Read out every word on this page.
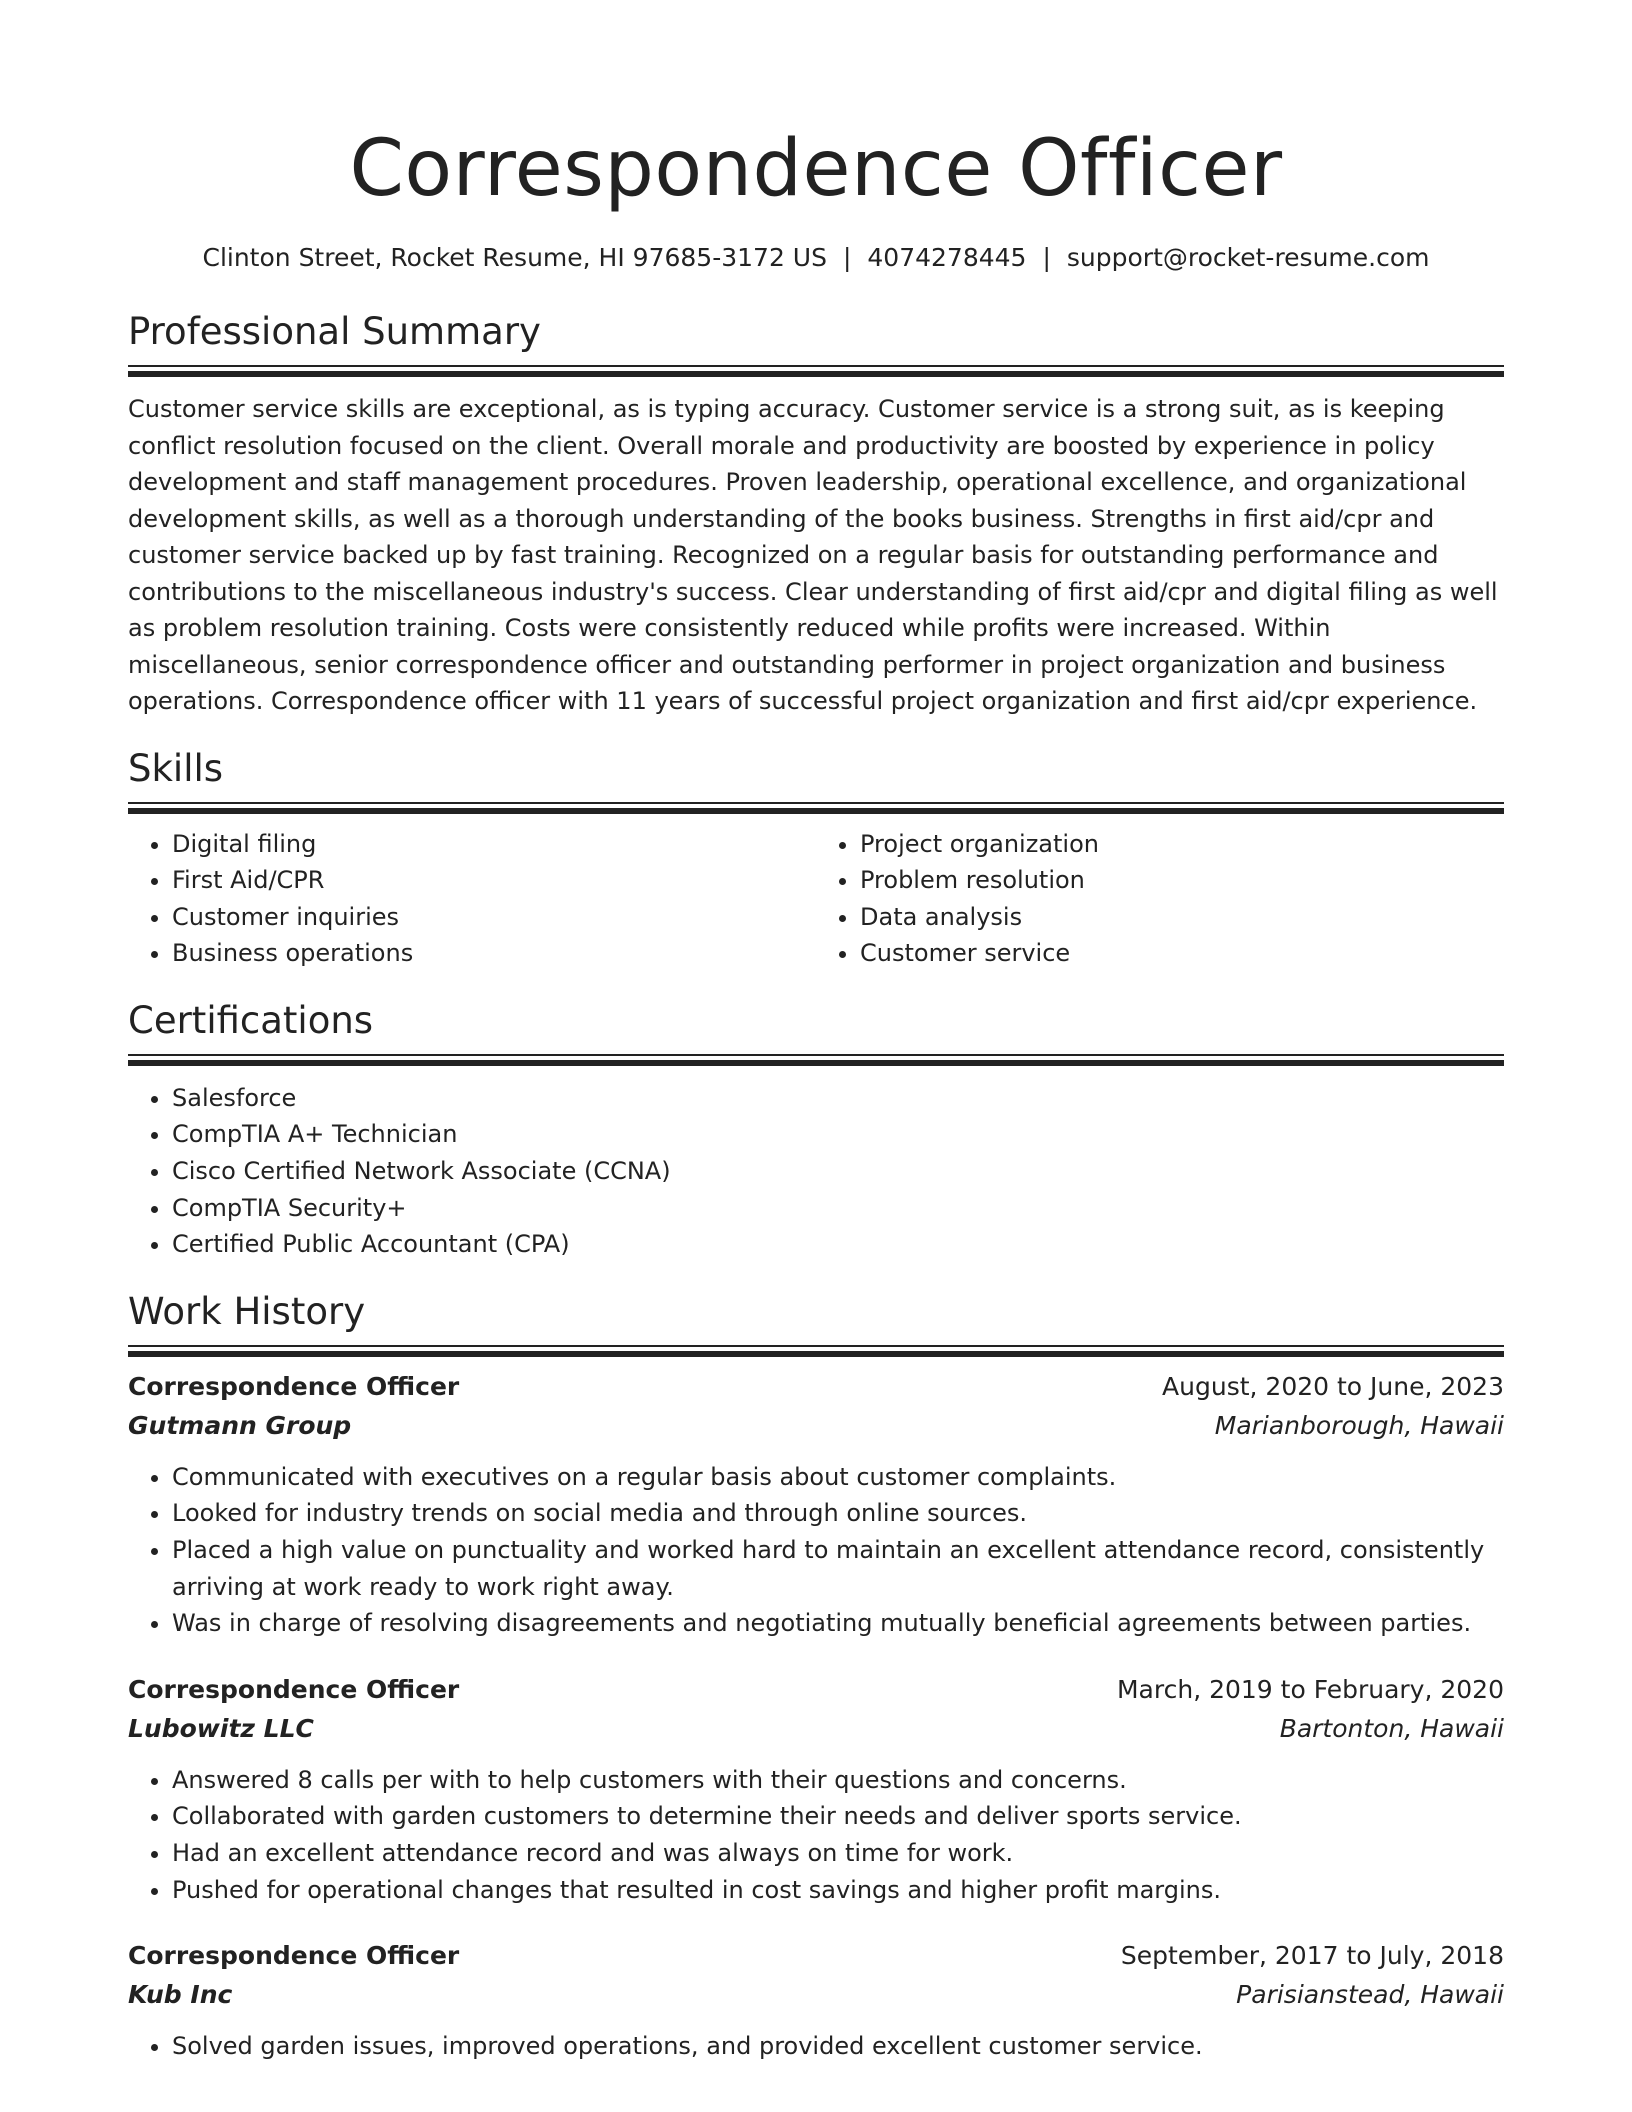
Correspondence Officer
Clinton Street, Rocket Resume, HI 97685-3172 US | 4074278445 | support@rocket-resume.com
Professional Summary

Customer service skills are exceptional, as is typing accuracy. Customer service is a strong suit, as is keeping conflict resolution focused on the client. Overall morale and productivity are boosted by experience in policy development and staff management procedures. Proven leadership, operational excellence, and organizational development skills, as well as a thorough understanding of the books business. Strengths in first aid/cpr and customer service backed up by fast training. Recognized on a regular basis for outstanding performance and contributions to the miscellaneous industry's success. Clear understanding of first aid/cpr and digital filing as well as problem resolution training. Costs were consistently reduced while profits were increased. Within miscellaneous, senior correspondence officer and outstanding performer in project organization and business operations. Correspondence officer with 11 years of successful project organization and first aid/cpr experience.

Skills
• Digital filing
• First Aid/CPR
• Customer inquiries
• Business operations
• Project organization
• Problem resolution
• Data analysis
• Customer service
Certifications
• Salesforce
• CompTIA A+ Technician
• Cisco Certified Network Associate (CCNA)
• CompTIA Security+
• Certified Public Accountant (CPA)
Work History
Correspondence Officer	August, 2020 to June, 2023
Gutmann Group	Marianborough, Hawaii
• Communicated with executives on a regular basis about customer complaints.
• Looked for industry trends on social media and through online sources.
• Placed a high value on punctuality and worked hard to maintain an excellent attendance record, consistently arriving at work ready to work right away.
• Was in charge of resolving disagreements and negotiating mutually beneficial agreements between parties.
Correspondence Officer	March, 2019 to February, 2020
Lubowitz LLC	Bartonton, Hawaii
• Answered 8 calls per with to help customers with their questions and concerns.
• Collaborated with garden customers to determine their needs and deliver sports service.
• Had an excellent attendance record and was always on time for work.
• Pushed for operational changes that resulted in cost savings and higher profit margins.
Correspondence Officer	September, 2017 to July, 2018
Kub Inc	Parisianstead, Hawaii
• Solved garden issues, improved operations, and provided excellent customer service.
